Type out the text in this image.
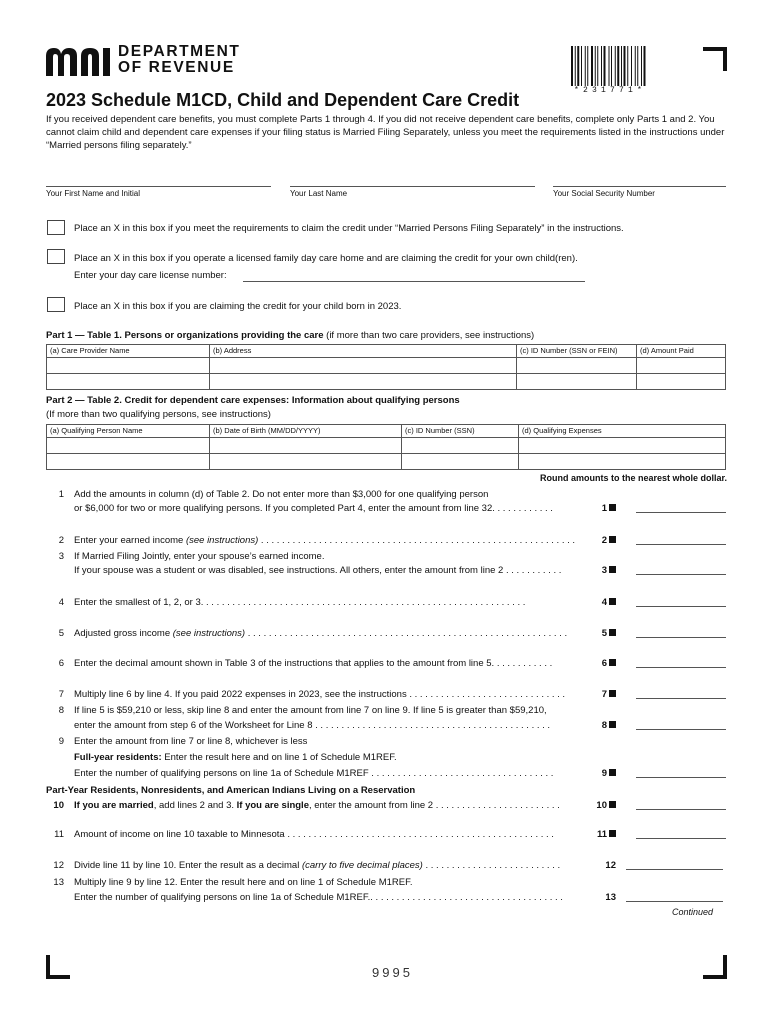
DEPARTMENT
OF REVENUE
*231771*
2023 Schedule M1CD, Child and Dependent Care Credit
If you received dependent care benefits, you must complete Parts 1 through 4. If you did not receive dependent care benefits, complete only Parts 1 and 2. You cannot claim child and dependent care expenses if your filing status is Married Filing Separately, unless you meet the requirements listed in the instructions under “Married persons filing separately.”
Your First Name and Initial	Your Last Name	Your Social Security Number
Place an X in this box if you meet the requirements to claim the credit under “Married Persons Filing Separately” in the instructions.
Place an X in this box if you operate a licensed family day care home and are claiming the credit for your own child(ren).
Enter your day care license number:
Place an X in this box if you are claiming the credit for your child born in 2023.
Part 1 — Table 1. Persons or organizations providing the care (if more than two care providers, see instructions)
(a) Care Provider Name	(b) Address	(c) ID Number (SSN or FEIN)	(d) Amount Paid

Part 2 — Table 2. Credit for dependent care expenses: Information about qualifying persons
(If more than two qualifying persons, see instructions)
(a) Qualifying Person Name	(b) Date of Birth (MM/DD/YYYY)	(c) ID Number (SSN)	(d) Qualifying Expenses

Round amounts to the nearest whole dollar.
1 Add the amounts in column (d) of Table 2. Do not enter more than $3,000 for one qualifying person
or $6,000 for two or more qualifying persons. If you completed Part 4, enter the amount from line 32. . . . . . . . . . . .	1
2 Enter your earned income (see instructions) . . . . . . . . . . . . . . . . . . . . . . . . . . . . . . . . . . . . . . . . . . . . . . . . . . . . . . . . . . . .	2
3 If Married Filing Jointly, enter your spouse’s earned income.
If your spouse was a student or was disabled, see instructions. All others, enter the amount from line 2 . . . . . . . . . . .	3
4 Enter the smallest of 1, 2, or 3. . . . . . . . . . . . . . . . . . . . . . . . . . . . . . . . . . . . . . . . . . . . . . . . . . . . . . . . . . . . . .	4
5 Adjusted gross income (see instructions) . . . . . . . . . . . . . . . . . . . . . . . . . . . . . . . . . . . . . . . . . . . . . . . . . . . . . . . . . . . . .	5
6 Enter the decimal amount shown in Table 3 of the instructions that applies to the amount from line 5. . . . . . . . . . . .	6
7 Multiply line 6 by line 4. If you paid 2022 expenses in 2023, see the instructions . . . . . . . . . . . . . . . . . . . . . . . . . . . . . .	7
8 If line 5 is $59,210 or less, skip line 8 and enter the amount from line 7 on line 9. If line 5 is greater than $59,210,
enter the amount from step 6 of the Worksheet for Line 8 . . . . . . . . . . . . . . . . . . . . . . . . . . . . . . . . . . . . . . . . . . . . .	8
9 Enter the amount from line 7 or line 8, whichever is less
Full-year residents: Enter the result here and on line 1 of Schedule M1REF.
Enter the number of qualifying persons on line 1a of Schedule M1REF . . . . . . . . . . . . . . . . . . . . . . . . . . . . . . . . . . .	9
Part-Year Residents, Nonresidents, and American Indians Living on a Reservation
10 If you are married, add lines 2 and 3. If you are single, enter the amount from line 2 . . . . . . . . . . . . . . . . . . . . . . . .	10
11 Amount of income on line 10 taxable to Minnesota . . . . . . . . . . . . . . . . . . . . . . . . . . . . . . . . . . . . . . . . . . . . . . . . . . .	11
12 Divide line 11 by line 10. Enter the result as a decimal (carry to five decimal places) . . . . . . . . . . . . . . . . . . . . . . . . . .	12
13 Multiply line 9 by line 12. Enter the result here and on line 1 of Schedule M1REF.
Enter the number of qualifying persons on line 1a of Schedule M1REF.. . . . . . . . . . . . . . . . . . . . . . . . . . . . . . . . . . . . .	13
Continued
9995
